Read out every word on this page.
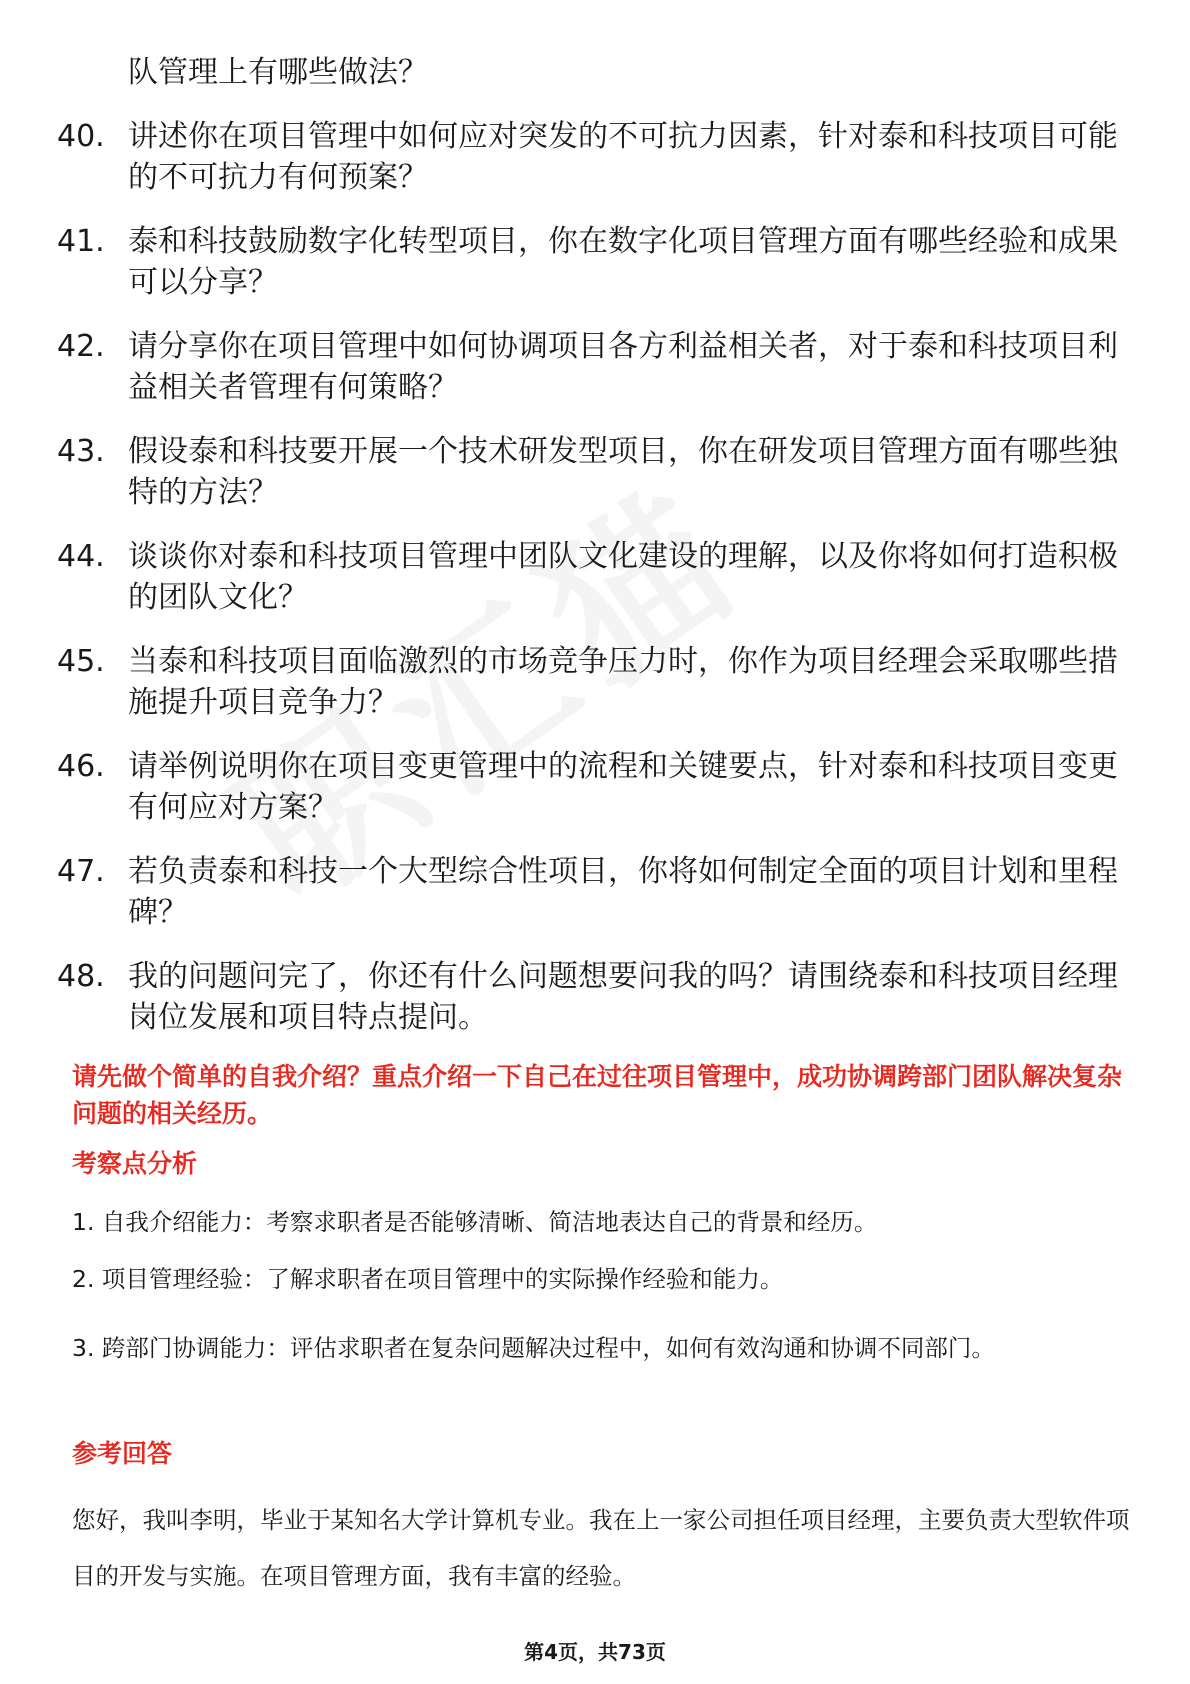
队管理上有哪些做法？
40. 讲述你在项目管理中如何应对突发的不可抗力因素，针对泰和科技项目可能的不可抗力有何预案？
41. 泰和科技鼓励数字化转型项目，你在数字化项目管理方面有哪些经验和成果可以分享？
42. 请分享你在项目管理中如何协调项目各方利益相关者，对于泰和科技项目利益相关者管理有何策略？
43. 假设泰和科技要开展一个技术研发型项目，你在研发项目管理方面有哪些独特的方法？
44. 谈谈你对泰和科技项目管理中团队文化建设的理解，以及你将如何打造积极的团队文化？
45. 当泰和科技项目面临激烈的市场竞争压力时，你作为项目经理会采取哪些措施提升项目竞争力？
46. 请举例说明你在项目变更管理中的流程和关键要点，针对泰和科技项目变更有何应对方案？
47. 若负责泰和科技一个大型综合性项目，你将如何制定全面的项目计划和里程碑？
48. 我的问题问完了，你还有什么问题想要问我的吗？请围绕泰和科技项目经理岗位发展和项目特点提问。
请先做个简单的自我介绍？重点介绍一下自己在过往项目管理中，成功协调跨部门团队解决复杂问题的相关经历。
考察点分析
1. 自我介绍能力：考察求职者是否能够清晰、简洁地表达自己的背景和经历。
2. 项目管理经验：了解求职者在项目管理中的实际操作经验和能力。
3. 跨部门协调能力：评估求职者在复杂问题解决过程中，如何有效沟通和协调不同部门。
参考回答
您好，我叫李明，毕业于某知名大学计算机专业。我在上一家公司担任项目经理，主要负责大型软件项目的开发与实施。在项目管理方面，我有丰富的经验。
第4页，共73页
